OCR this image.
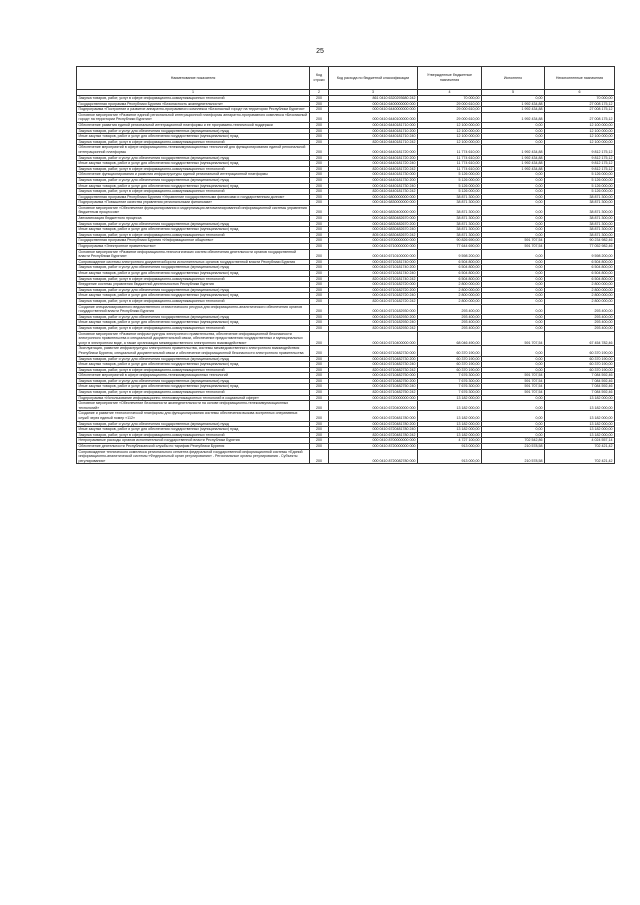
25
Наименование показателя	Код строки	Код расхода по бюджетной классификации	Утвержденные бюджетные назначения	Исполнено	Неисполненные назначения
1	2	3	4	5	6
Закупка товаров, работ, услуг в сфере информационно-коммуникационных технологий	200	861 0410 6320293680 242	70 000,00	0,00	70 000,00
Государственная программа Республики Бурятия «Безопасность жизнедеятельности»	200	000 0410 6400000000 000	29 000 610,00	1 992 434,88	27 008 175,12
Подпрограмма «Построение и развитие аппаратно-программного комплекса «Безопасный город» на территории Республики Бурятия»	200	000 0410 6440000000 000	29 000 610,00	1 992 434,88	27 008 175,12
Основное мероприятие «Развитие единой региональной интеграционной платформы аппаратно-программного комплекса «Безопасный город» на территории Республики Бурятия»	200	000 0410 6440100000 000	29 000 610,00	1 992 434,88	27 008 175,12
Обеспечение развития единой региональной интеграционной платформы и ее программно-технической поддержки	200	000 0410 6440181710 000	12 100 000,00	0,00	12 100 000,00
Закупка товаров, работ и услуг для обеспечения государственных (муниципальных) нужд	200	000 0410 6440181710 200	12 100 000,00	0,00	12 100 000,00
Иные закупки товаров, работ и услуг для обеспечения государственных (муниципальных) нужд	200	000 0410 6440181710 240	12 100 000,00	0,00	12 100 000,00
Закупка товаров, работ, услуг в сфере информационно-коммуникационных технологий	200	820 0410 6440181710 242	12 100 000,00	0,00	12 100 000,00
Обеспечение мероприятий в сфере информационно-телекоммуникационных технологий для функционирования единой региональной интеграционной платформы	200	000 0410 6440181720 000	11 774 610,00	1 992 434,88	9 812 175,12
Закупка товаров, работ и услуг для обеспечения государственных (муниципальных) нужд	200	000 0410 6440181720 200	11 774 610,00	1 992 434,88	9 812 175,12
Иные закупки товаров, работ и услуг для обеспечения государственных (муниципальных) нужд	200	000 0410 6440181720 240	11 774 610,00	1 992 434,88	9 812 175,12
Закупка товаров, работ, услуг в сфере информационно-коммуникационных технологий	200	820 0410 6440181720 242	11 774 610,00	1 992 434,88	9 812 175,12
Обеспечение функционирования и развития инфраструктуры единой региональной интеграционной платформы	200	000 0410 6440181730 000	5 126 000,00	0,00	5 126 000,00
Закупка товаров, работ и услуг для обеспечения государственных (муниципальных) нужд	200	000 0410 6440181730 200	5 126 000,00	0,00	5 126 000,00
Иные закупки товаров, работ и услуг для обеспечения государственных (муниципальных) нужд	200	000 0410 6440181730 240	5 126 000,00	0,00	5 126 000,00
Закупка товаров, работ, услуг в сфере информационно-коммуникационных технологий	200	820 0410 6440181730 242	5 126 000,00	0,00	5 126 000,00
Государственная программа Республики Бурятия «Управление государственными финансами и государственным долгом»	200	000 0410 6800000000 000	38 871 300,00	0,00	38 871 300,00
Подпрограмма «Повышение качества управления региональными финансами»	200	000 0410 6830000000 000	38 871 300,00	0,00	38 871 300,00
Основное мероприятие «Обеспечение функционирования и модернизация автоматизированной информационной системы управления бюджетным процессом»	200	000 0410 6830400000 000	38 871 300,00	0,00	38 871 300,00
Автоматизация бюджетного процесса	200	000 0410 6830482670 000	38 871 300,00	0,00	38 871 300,00
Закупка товаров, работ и услуг для обеспечения государственных (муниципальных) нужд	200	000 0410 6830482670 200	38 871 300,00	0,00	38 871 300,00
Иные закупки товаров, работ и услуг для обеспечения государственных (муниципальных) нужд	200	000 0410 6830482670 240	38 871 300,00	0,00	38 871 300,00
Закупка товаров, работ, услуг в сфере информационно-коммуникационных технологий	200	805 0410 6830482670 242	38 871 300,00	0,00	38 871 300,00
Государственная программа Республики Бурятия «Информационное общество»	200	000 0410 6700000000 000	90 826 690,00	591 707,54	90 234 982,46
Подпрограмма «Электронное правительство»	200	000 0410 6710000000 000	77 644 690,00	591 707,54	77 052 982,46
Основное мероприятие «Развитие информационно-технологических систем обеспечения деятельности органов государственной власти Республики Бурятия»	200	000 0410 6710100000 000	9 598 200,00	0,00	9 598 200,00
Сопровождение системы электронного документооборота исполнительных органов государственной власти Республики Бурятия	200	000 0410 6710181740 000	6 504 800,00	0,00	6 504 800,00
Закупка товаров, работ и услуг для обеспечения государственных (муниципальных) нужд	200	000 0410 6710181740 200	6 504 800,00	0,00	6 504 800,00
Иные закупки товаров, работ и услуг для обеспечения государственных (муниципальных) нужд	200	000 0410 6710181740 240	6 504 800,00	0,00	6 504 800,00
Закупка товаров, работ, услуг в сфере информационно-коммуникационных технологий	200	820 0410 6710181740 242	6 504 800,00	0,00	6 504 800,00
Внедрение системы управления бюджетной деятельностью Республики Бурятия	200	000 0410 6710182720 000	2 800 000,00	0,00	2 800 000,00
Закупка товаров, работ и услуг для обеспечения государственных (муниципальных) нужд	200	000 0410 6710182720 200	2 800 000,00	0,00	2 800 000,00
Иные закупки товаров, работ и услуг для обеспечения государственных (муниципальных) нужд	200	000 0410 6710182720 240	2 800 000,00	0,00	2 800 000,00
Закупка товаров, работ, услуг в сфере информационно-коммуникационных технологий	200	820 0410 6710182720 242	2 800 000,00	0,00	2 800 000,00
Создание специализированного ведомственного статистического ресурса для информационно-аналитического обеспечения органов государственной власти Республики Бурятия	200	000 0410 6710182930 000	293 400,00	0,00	293 400,00
Закупка товаров, работ и услуг для обеспечения государственных (муниципальных) нужд	200	000 0410 6710182930 200	293 400,00	0,00	293 400,00
Иные закупки товаров, работ и услуг для обеспечения государственных (муниципальных) нужд	200	000 0410 6710182930 240	293 400,00	0,00	293 400,00
Закупка товаров, работ, услуг в сфере информационно-коммуникационных технологий	200	820 0410 6710182930 242	293 400,00	0,00	293 400,00
Основное мероприятие «Развитие инфраструктуры электронного правительства, обеспечение информационной безопасности электронного правительства и специальной документальной связи, обеспечение предоставления государственных и муниципальных услуг в электронном виде, а также организация межведомственного электронного взаимодействия»	200	000 0410 6710400000 000	68 046 490,00	591 707,54	67 454 782,46
Эксплуатация, развитие инфраструктуры электронного правительства, системы межведомственного электронного взаимодействия Республики Бурятия, специальной документальной связи и обеспечение информационной безопасности электронного правительства	200	000 0410 6710482730 000	60 370 190,00	0,00	60 370 190,00
Закупка товаров, работ и услуг для обеспечения государственных (муниципальных) нужд	200	000 0410 6710482730 200	60 370 190,00	0,00	60 370 190,00
Иные закупки товаров, работ и услуг для обеспечения государственных (муниципальных) нужд	200	000 0410 6710482730 240	60 370 190,00	0,00	60 370 190,00
Закупка товаров, работ, услуг в сфере информационно-коммуникационных технологий	200	820 0410 6710482730 242	60 370 190,00	0,00	60 370 190,00
Обеспечение мероприятий в сфере информационно-телекоммуникационных технологий	200	000 0410 6710482750 000	7 676 300,00	591 707,54	7 084 592,46
Закупка товаров, работ и услуг для обеспечения государственных (муниципальных) нужд	200	000 0410 6710482750 200	7 676 300,00	591 707,54	7 084 592,46
Иные закупки товаров, работ и услуг для обеспечения государственных (муниципальных) нужд	200	000 0410 6710482750 240	7 676 300,00	591 707,54	7 084 592,46
Закупка товаров, работ, услуг в сфере информационно-коммуникационных технологий	200	820 0410 6710482750 242	7 676 300,00	591 707,54	7 084 592,46
Подпрограмма «Использование информационно-телекоммуникационных технологий в социальной сфере»	200	000 0410 6720000000 000	13 182 000,00	0,00	13 182 000,00
Основное мероприятие «Обеспечение безопасности жизнедеятельности на основе информационно-телекоммуникационных технологий»	200	000 0410 6720400000 000	13 182 000,00	0,00	13 182 000,00
Создание и развитие технологической платформы для функционирования системы обеспечения вызова экстренных оперативных служб через единый номер «112»	200	000 0410 6720481780 000	13 182 000,00	0,00	13 182 000,00
Закупка товаров, работ и услуг для обеспечения государственных (муниципальных) нужд	200	000 0410 6720481780 200	13 182 000,00	0,00	13 182 000,00
Иные закупки товаров, работ и услуг для обеспечения государственных (муниципальных) нужд	200	000 0410 6720481780 240	13 182 000,00	0,00	13 182 000,00
Закупка товаров, работ, услуг в сфере информационно-коммуникационных технологий	200	820 0410 6720481780 242	13 182 000,00	0,00	13 182 000,00
Непрограммные расходы органов исполнительной государственной власти Республики Бурятия	200	000 0410 8700000000 000	4 727 100,00	702 542,86	4 024 557,14
Обеспечение деятельности Республиканской службы по тарифам Республики Бурятия	200	000 0410 8720000000 000	913 000,00	210 578,58	702 421,42
Сопровождение технического комплекса регионального сегмента федеральной государственной информационной системы «Единой информационно-аналитической системы «Федеральный орган регулирования» - Региональные органы регулирования - Субъекты регулирования»	200	000 0410 8720082780 000	913 000,00	210 578,58	702 421,42
